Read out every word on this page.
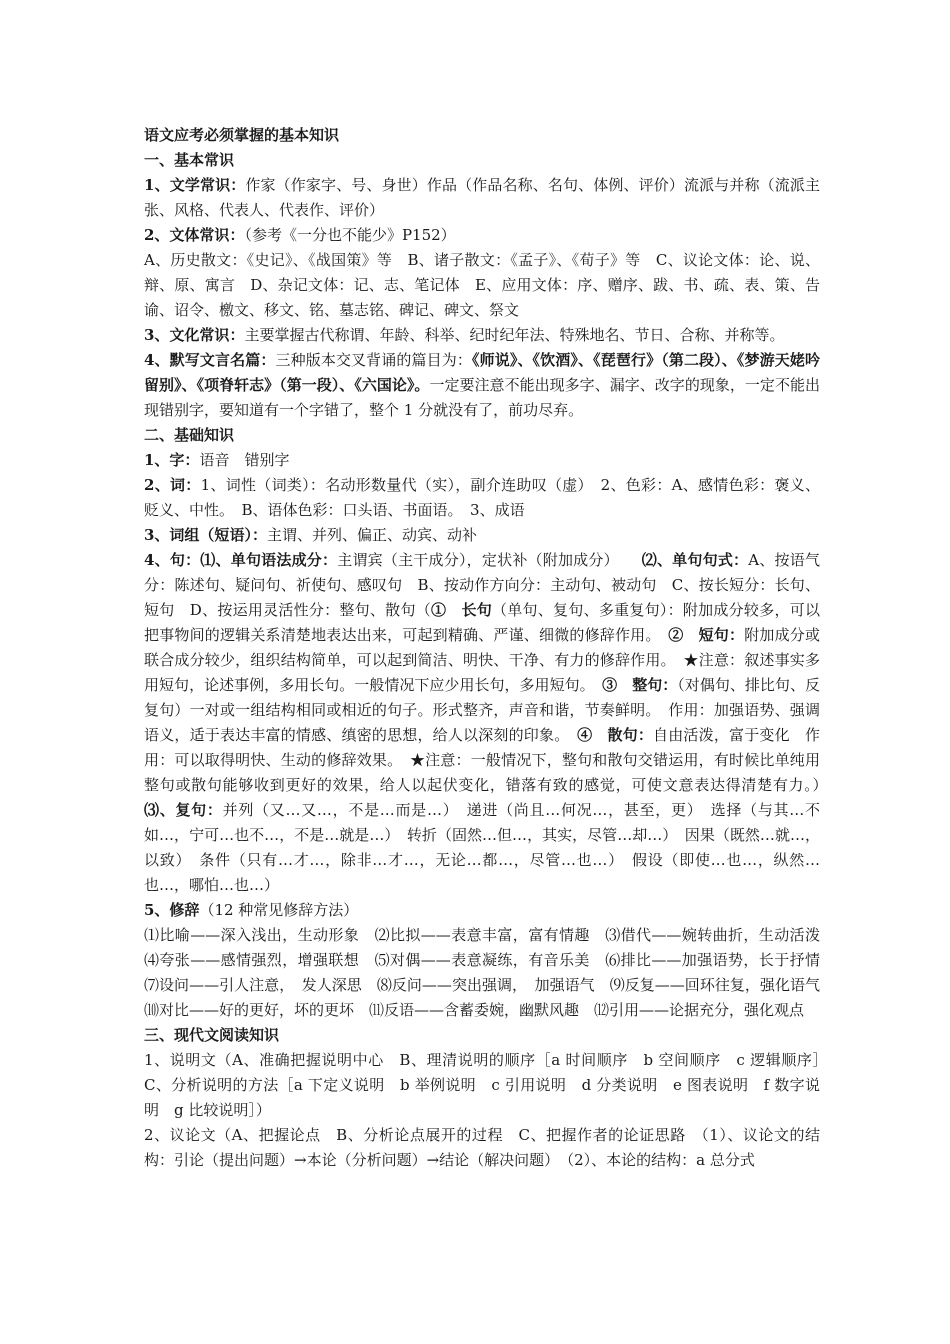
语文应考必须掌握的基本知识

一、基本常识

1、文学常识：作家（作家字、号、身世）作品（作品名称、名句、体例、评价）流派与并称（流派主张、风格、代表人、代表作、评价）

2、文体常识：（参考《一分也不能少》P152）

A、历史散文：《史记》、《战国策》等　B、诸子散文：《孟子》、《荀子》等　C、议论文体：论、说、辩、原、寓言　D、杂记文体：记、志、笔记体　E、应用文体：序、赠序、跋、书、疏、表、策、告谕、诏令、檄文、移文、铭、墓志铭、碑记、碑文、祭文

3、文化常识：主要掌握古代称谓、年龄、科举、纪时纪年法、特殊地名、节日、合称、并称等。

4、默写文言名篇：三种版本交叉背诵的篇目为：《师说》、《饮酒》、《琵琶行》（第二段）、《梦游天姥吟留别》、《项脊轩志》（第一段）、《六国论》。一定要注意不能出现多字、漏字、改字的现象，一定不能出现错别字，要知道有一个字错了，整个 1 分就没有了，前功尽弃。

二、基础知识

1、字：语音　错别字

2、词：1、词性（词类）：名动形数量代（实），副介连助叹（虚）　2、色彩：A、感情色彩：褒义、贬义、中性。　B、语体色彩：口头语、书面语。　3、成语

3、词组（短语）：主谓、并列、偏正、动宾、动补

4、句：⑴、单句语法成分：主谓宾（主干成分），定状补（附加成分）　　⑵、单句句式：A、按语气分：陈述句、疑问句、祈使句、感叹句　B、按动作方向分：主动句、被动句　C、按长短分：长句、短句　D、按运用灵活性分：整句、散句（①　长句（单句、复句、多重复句）：附加成分较多，可以把事物间的逻辑关系清楚地表达出来，可起到精确、严谨、细微的修辞作用。　②　短句：附加成分或联合成分较少，组织结构简单，可以起到简洁、明快、干净、有力的修辞作用。　★注意：叙述事实多用短句，论述事例，多用长句。一般情况下应少用长句，多用短句。　③　整句：（对偶句、排比句、反复句）一对或一组结构相同或相近的句子。形式整齐，声音和谐，节奏鲜明。　作用：加强语势、强调语义，适于表达丰富的情感、缜密的思想，给人以深刻的印象。　④　散句：自由活泼，富于变化　作用：可以取得明快、生动的修辞效果。　★注意：一般情况下，整句和散句交错运用，有时候比单纯用整句或散句能够收到更好的效果，给人以起伏变化，错落有致的感觉，可使文意表达得清楚有力。）　⑶、复句：并列（又…又…，不是…而是…）　递进（尚且…何况…，甚至，更）　选择（与其…不如…，宁可…也不…，不是…就是…）　转折（固然…但…，其实，尽管…却…）　因果（既然…就…，以致）　条件（只有…才…，除非…才…，无论…都…，尽管…也…）　假设（即使…也…，纵然…也…，哪怕…也…）

5、修辞（12 种常见修辞方法）

⑴比喻——深入浅出，生动形象　⑵比拟——表意丰富，富有情趣　⑶借代——婉转曲折，生动活泼　⑷夸张——感情强烈，增强联想　⑸对偶——表意凝练，有音乐美　⑹排比——加强语势，长于抒情　⑺设问——引人注意，　发人深思　⑻反问——突出强调，　加强语气　⑼反复——回环往复，强化语气　⑽对比——好的更好，坏的更坏　⑾反语——含蓄委婉，幽默风趣　⑿引用——论据充分，强化观点

三、现代文阅读知识

1、说明文（A、准确把握说明中心　B、理清说明的顺序［a 时间顺序　b 空间顺序　c 逻辑顺序］　C、分析说明的方法［a 下定义说明　b 举例说明　c 引用说明　d 分类说明　e 图表说明　f 数字说明　g 比较说明］）

2、议论文（A、把握论点　B、分析论点展开的过程　C、把握作者的论证思路　（1）、议论文的结构：引论（提出问题）→本论（分析问题）→结论（解决问题）　（2）、本论的结构：a 总分式
